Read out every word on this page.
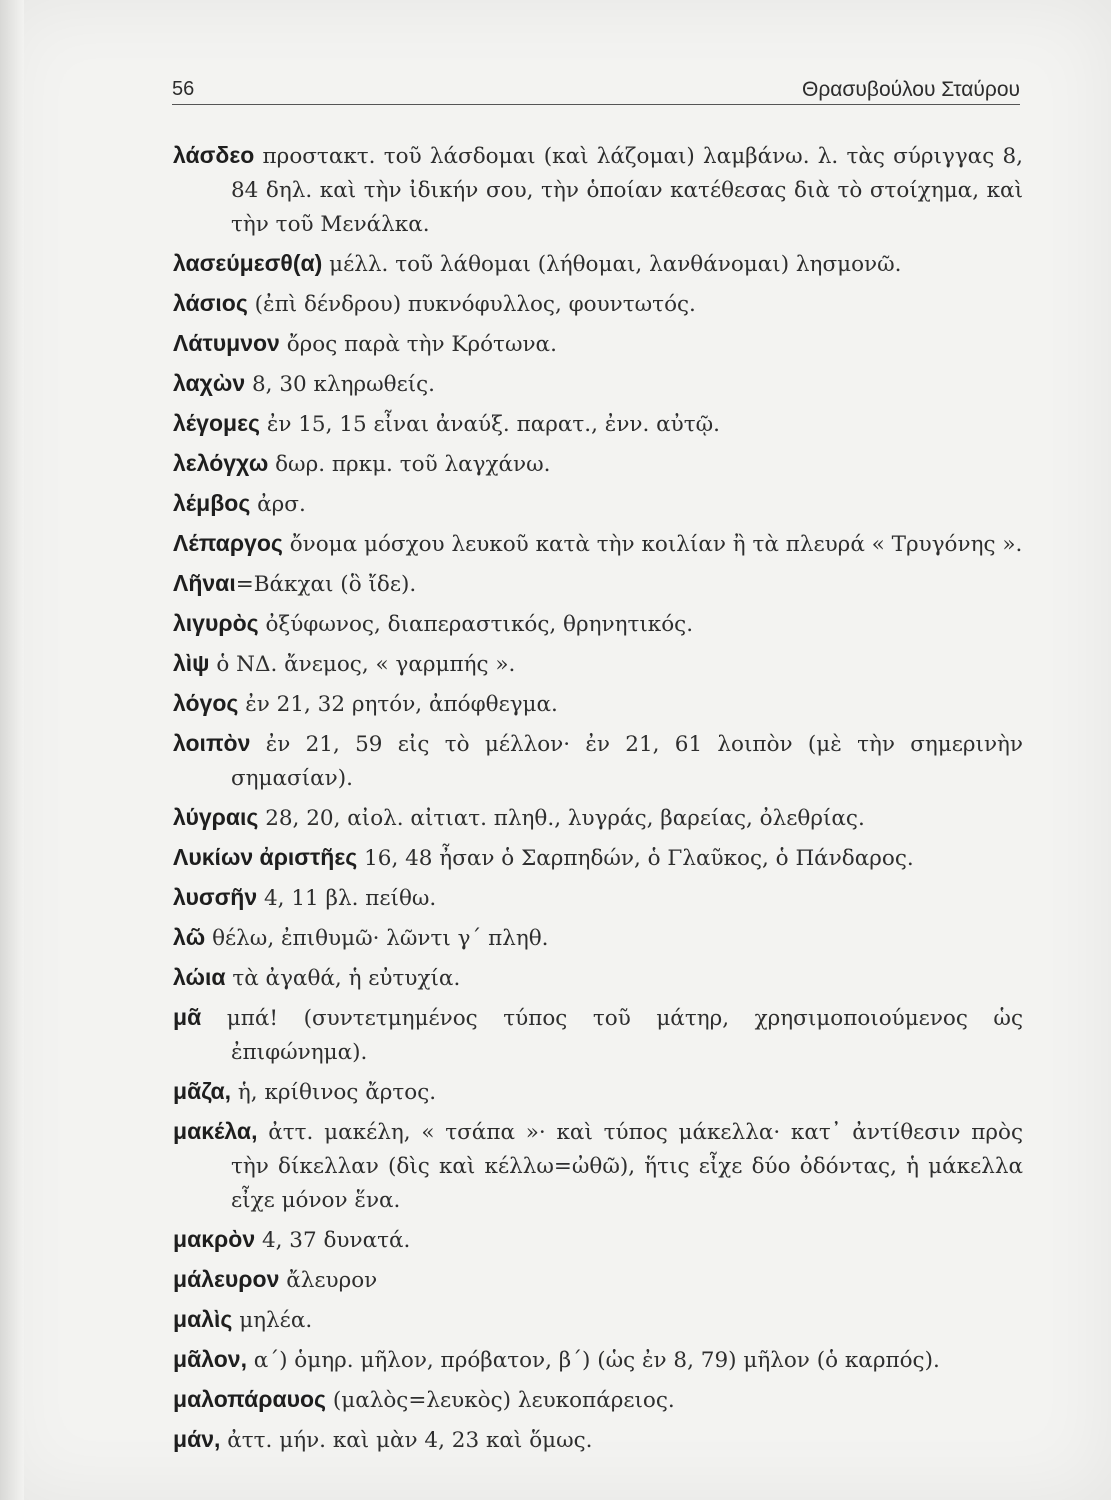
56	Θρασυβούλου Σταύρου
λάσδεο προστακτ. τοῦ λάσδομαι (καὶ λάζομαι) λαμβάνω. λ. τὰς σύριγγας 8, 84 δηλ. καὶ τὴν ἰδικήν σου, τὴν ὁποίαν κατέθεσας διὰ τὸ στοίχημα, καὶ τὴν τοῦ Μενάλκα.
λασεύμεσθ(α) μέλλ. τοῦ λάθομαι (λήθομαι, λανθάνομαι) λησμονῶ.
λάσιος (ἐπὶ δένδρου) πυκνόφυλλος, φουντωτός.
Λάτυμνον ὄρος παρὰ τὴν Κρότωνα.
λαχὼν 8, 30 κληρωθείς.
λέγομες ἐν 15, 15 εἶναι ἀναύξ. παρατ., ἐνν. αὐτῷ.
λελόγχω δωρ. πρκμ. τοῦ λαγχάνω.
λέμβος ἀρσ.
Λέπαργος ὄνομα μόσχου λευκοῦ κατὰ τὴν κοιλίαν ἢ τὰ πλευρά « Τρυγόνης ».
Λῆναι=Βάκχαι (ὃ ἴδε).
λιγυρὸς ὀξύφωνος, διαπεραστικός, θρηνητικός.
λὶψ ὁ ΝΔ. ἄνεμος, « γαρμπής ».
λόγος ἐν 21, 32 ρητόν, ἀπόφθεγμα.
λοιπὸν ἐν 21, 59 εἰς τὸ μέλλον· ἐν 21, 61 λοιπὸν (μὲ τὴν σημερινὴν σημασίαν).
λύγραις 28, 20, αἰολ. αἰτιατ. πληθ., λυγράς, βαρείας, ὀλεθρίας.
Λυκίων ἀριστῆες 16, 48 ἦσαν ὁ Σαρπηδών, ὁ Γλαῦκος, ὁ Πάνδαρος.
λυσσῆν 4, 11 βλ. πείθω.
λῶ θέλω, ἐπιθυμῶ· λῶντι γ΄ πληθ.
λώια τὰ ἀγαθά, ἡ εὐτυχία.
μᾶ μπά! (συντετμημένος τύπος τοῦ μάτηρ, χρησιμοποιούμενος ὡς ἐπιφώνημα).
μᾶζα, ἡ, κρίθινος ἄρτος.
μακέλα, ἀττ. μακέλη, « τσάπα »· καὶ τύπος μάκελλα· κατ᾽ ἀντίθεσιν πρὸς τὴν δίκελλαν (δὶς καὶ κέλλω=ὠθῶ), ἥτις εἶχε δύο ὀδόντας, ἡ μάκελλα εἶχε μόνον ἕνα.
μακρὸν 4, 37 δυνατά.
μάλευρον ἄλευρον
μαλὶς μηλέα.
μᾶλον, α΄) ὁμηρ. μῆλον, πρόβατον, β΄) (ὡς ἐν 8, 79) μῆλον (ὁ καρπός).
μαλοπάραυος (μαλὸς=λευκὸς) λευκοπάρειος.
μάν, ἀττ. μήν. καὶ μὰν 4, 23 καὶ ὅμως.
